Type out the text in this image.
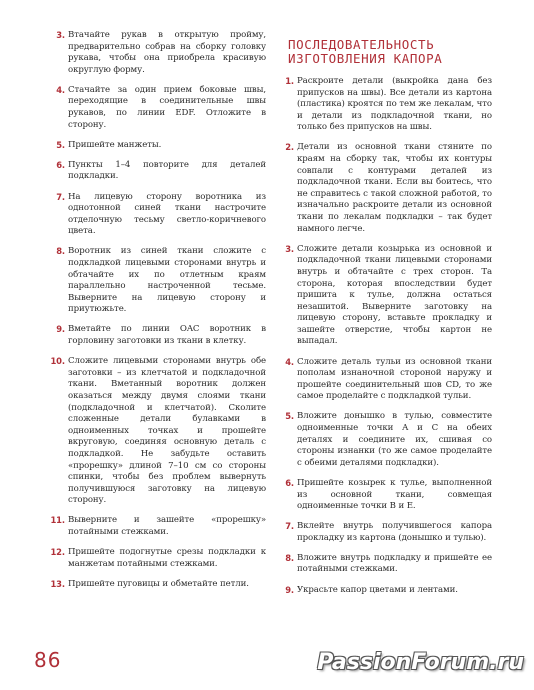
3. Втачайте рукав в открытую пройму, предварительно собрав на сборку головку рукава, чтобы она приобрела красивую округлую форму.
4. Стачайте за один прием боковые швы, переходящие в соединительные швы рукавов, по линии EDF. Отложите в сторону.
5. Пришейте манжеты.
6. Пункты 1–4 повторите для деталей подкладки.
7. На лицевую сторону воротника из однотонной синей ткани настрочите отделочную тесьму светло-коричневого цвета.
8. Воротник из синей ткани сложите с подкладкой лицевыми сторонами внутрь и обтачайте их по отлетным краям параллельно настроченной тесьме. Выверните на лицевую сторону и приутюжьте.
9. Вметайте по линии OAC воротник в горловину заготовки из ткани в клетку.
10. Сложите лицевыми сторонами внутрь обе заготовки – из клетчатой и подкладочной ткани. Вметанный воротник должен оказаться между двумя слоями ткани (подкладочной и клетчатой). Сколите сложенные детали булавками в одноименных точках и прошейте вкруговую, соединяя основную деталь с подкладкой. Не забудьте оставить «прорешку» длиной 7–10 см со стороны спинки, чтобы без проблем вывернуть получившуюся заготовку на лицевую сторону.
11. Выверните и зашейте «прорешку» потайными стежками.
12. Пришейте подогнутые срезы подкладки к манжетам потайными стежками.
13. Пришейте пуговицы и обметайте петли.
ПОСЛЕДОВАТЕЛЬНОСТЬ
ИЗГОТОВЛЕНИЯ КАПОРА
1. Раскроите детали (выкройка дана без припусков на швы). Все детали из картона (пластика) кроятся по тем же лекалам, что и детали из подкладочной ткани, но только без припусков на швы.
2. Детали из основной ткани стяните по краям на сборку так, чтобы их контуры совпали с контурами деталей из подкладочной ткани. Если вы боитесь, что не справитесь с такой сложной работой, то изначально раскроите детали из основной ткани по лекалам подкладки – так будет намного легче.
3. Сложите детали козырька из основной и подкладочной ткани лицевыми сторонами внутрь и обтачайте с трех сторон. Та сторона, которая впоследствии будет пришита к тулье, должна остаться незашитой. Выверните заготовку на лицевую сторону, вставьте прокладку и зашейте отверстие, чтобы картон не выпадал.
4. Сложите деталь тульи из основной ткани пополам изнаночной стороной наружу и прошейте соединительный шов CD, то же самое проделайте с подкладкой тульи.
5. Вложите донышко в тулью, совместите одноименные точки A и C на обеих деталях и соедините их, сшивая со стороны изнанки (то же самое проделайте с обеими деталями подкладки).
6. Пришейте козырек к тулье, выполненной из основной ткани, совмещая одноименные точки B и E.
7. Вклейте внутрь получившегося капора прокладку из картона (донышко и тулью).
8. Вложите внутрь подкладку и пришейте ее потайными стежками.
9. Украсьте капор цветами и лентами.
86	PassionForum.ru
